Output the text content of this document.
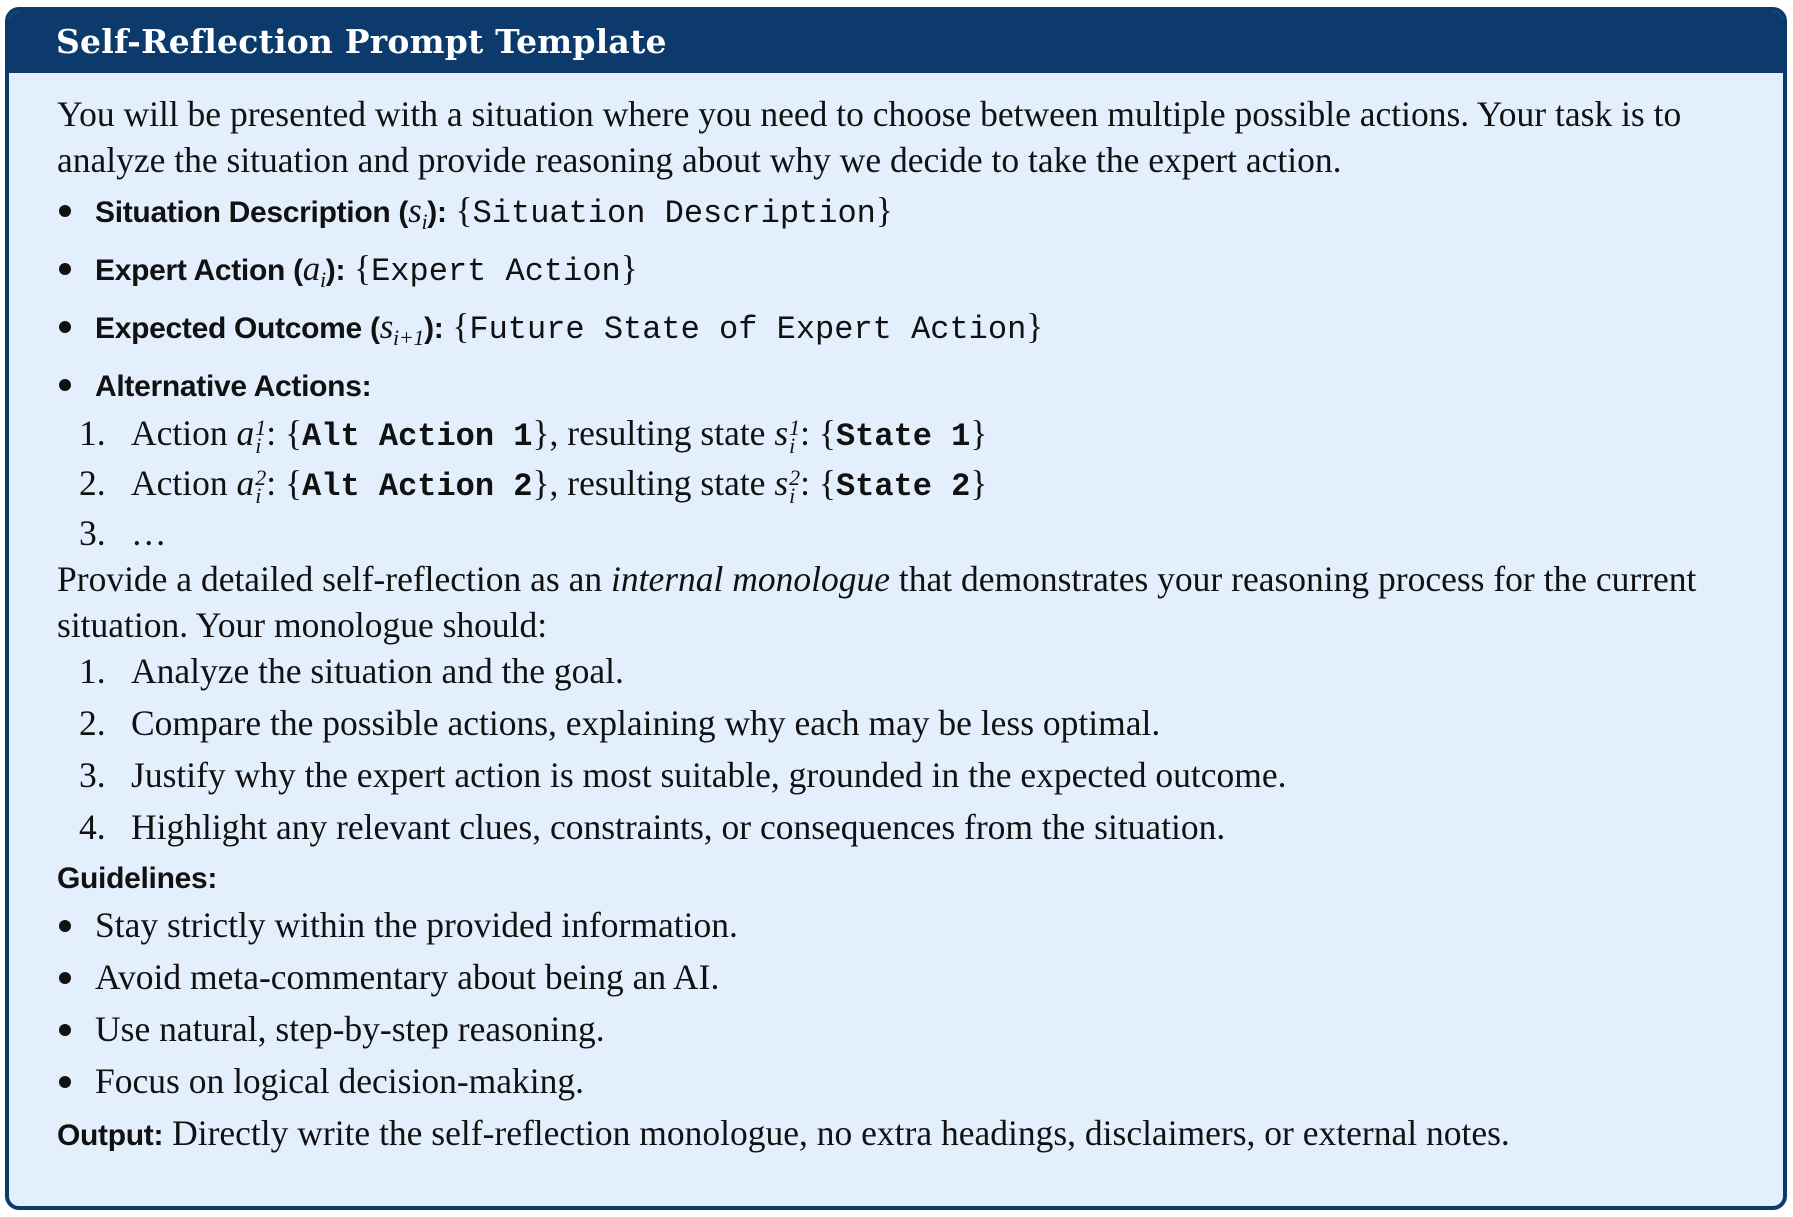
Self-Reflection Prompt Template

You will be presented with a situation where you need to choose between multiple possible actions. Your task is to analyze the situation and provide reasoning about why we decide to take the expert action.

Situation Description $(s_i)$: {Situation Description}
Expert Action $(a_i)$: {Expert Action}
Expected Outcome $(s_{i+1})$: {Future State of Expert Action}
Alternative Actions:
1. Action a 1
i : {Alt Action 1}, resulting state s 1
i : {State 1}
2. Action a 2
i : {Alt Action 2}, resulting state s 2
i : {State 2}
3. …

Provide a detailed self-reflection as an internal monologue that demonstrates your reasoning process for the current situation. Your monologue should:

1. Analyze the situation and the goal.
2. Compare the possible actions, explaining why each may be less optimal.
3. Justify why the expert action is most suitable, grounded in the expected outcome.
4. Highlight any relevant clues, constraints, or consequences from the situation.
Guidelines:
Stay strictly within the provided information.
Avoid meta-commentary about being an AI.
Use natural, step-by-step reasoning.
Focus on logical decision-making.

Output: Directly write the self-reflection monologue, no extra headings, disclaimers, or external notes.
